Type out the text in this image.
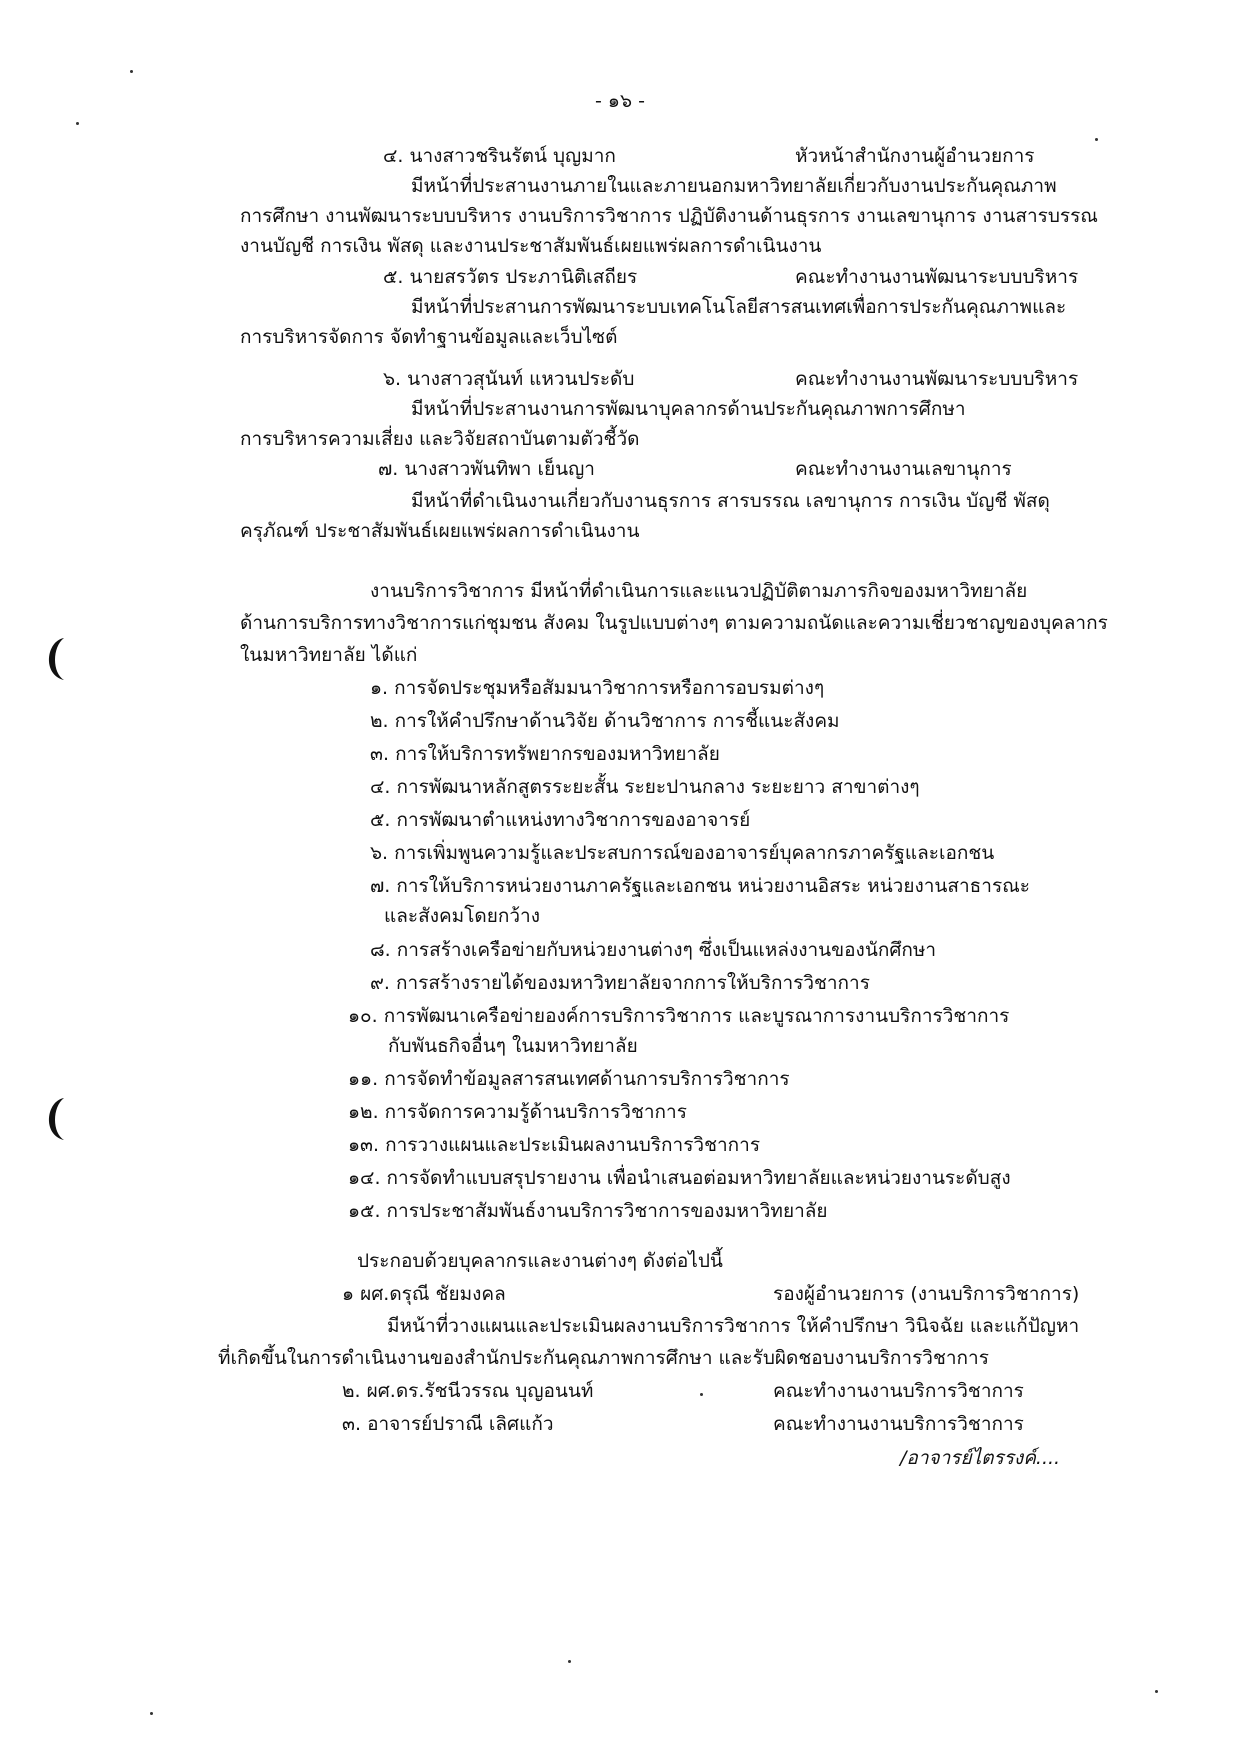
- ๑๖ -
๔. นางสาวชรินรัตน์ บุญมาก	หัวหน้าสำนักงานผู้อำนวยการ
มีหน้าที่ประสานงานภายในและภายนอกมหาวิทยาลัยเกี่ยวกับงานประกันคุณภาพ
การศึกษา งานพัฒนาระบบบริหาร งานบริการวิชาการ ปฏิบัติงานด้านธุรการ งานเลขานุการ งานสารบรรณ
งานบัญชี การเงิน พัสดุ และงานประชาสัมพันธ์เผยแพร่ผลการดำเนินงาน
๕. นายสรวัตร ประภานิติเสถียร	คณะทำงานงานพัฒนาระบบบริหาร
มีหน้าที่ประสานการพัฒนาระบบเทคโนโลยีสารสนเทศเพื่อการประกันคุณภาพและ
การบริหารจัดการ จัดทำฐานข้อมูลและเว็บไซต์
๖. นางสาวสุนันท์ แหวนประดับ	คณะทำงานงานพัฒนาระบบบริหาร
มีหน้าที่ประสานงานการพัฒนาบุคลากรด้านประกันคุณภาพการศึกษา
การบริหารความเสี่ยง และวิจัยสถาบันตามตัวชี้วัด
๗. นางสาวพันทิพา เย็นญา	คณะทำงานงานเลขานุการ
มีหน้าที่ดำเนินงานเกี่ยวกับงานธุรการ สารบรรณ เลขานุการ การเงิน บัญชี พัสดุ
ครุภัณฑ์ ประชาสัมพันธ์เผยแพร่ผลการดำเนินงาน
งานบริการวิชาการ มีหน้าที่ดำเนินการและแนวปฏิบัติตามภารกิจของมหาวิทยาลัย
ด้านการบริการทางวิชาการแก่ชุมชน สังคม ในรูปแบบต่างๆ ตามความถนัดและความเชี่ยวชาญของบุคลากร
ในมหาวิทยาลัย ได้แก่
๑. การจัดประชุมหรือสัมมนาวิชาการหรือการอบรมต่างๆ
๒. การให้คำปรึกษาด้านวิจัย ด้านวิชาการ การชี้แนะสังคม
๓. การให้บริการทรัพยากรของมหาวิทยาลัย
๔. การพัฒนาหลักสูตรระยะสั้น ระยะปานกลาง ระยะยาว สาขาต่างๆ
๕. การพัฒนาตำแหน่งทางวิชาการของอาจารย์
๖. การเพิ่มพูนความรู้และประสบการณ์ของอาจารย์บุคลากรภาครัฐและเอกชน
๗. การให้บริการหน่วยงานภาครัฐและเอกชน หน่วยงานอิสระ หน่วยงานสาธารณะ
และสังคมโดยกว้าง
๘. การสร้างเครือข่ายกับหน่วยงานต่างๆ ซึ่งเป็นแหล่งงานของนักศึกษา
๙. การสร้างรายได้ของมหาวิทยาลัยจากการให้บริการวิชาการ
๑๐. การพัฒนาเครือข่ายองค์การบริการวิชาการ และบูรณาการงานบริการวิชาการ
กับพันธกิจอื่นๆ ในมหาวิทยาลัย
๑๑. การจัดทำข้อมูลสารสนเทศด้านการบริการวิชาการ
๑๒. การจัดการความรู้ด้านบริการวิชาการ
๑๓. การวางแผนและประเมินผลงานบริการวิชาการ
๑๔. การจัดทำแบบสรุปรายงาน เพื่อนำเสนอต่อมหาวิทยาลัยและหน่วยงานระดับสูง
๑๕. การประชาสัมพันธ์งานบริการวิชาการของมหาวิทยาลัย
ประกอบด้วยบุคลากรและงานต่างๆ ดังต่อไปนี้
๑ ผศ.ดรุณี ชัยมงคล	รองผู้อำนวยการ (งานบริการวิชาการ)
มีหน้าที่วางแผนและประเมินผลงานบริการวิชาการ ให้คำปรึกษา วินิจฉัย และแก้ปัญหา
ที่เกิดขึ้นในการดำเนินงานของสำนักประกันคุณภาพการศึกษา และรับผิดชอบงานบริการวิชาการ
๒. ผศ.ดร.รัชนีวรรณ บุญอนนท์	คณะทำงานงานบริการวิชาการ
๓. อาจารย์ปราณี เลิศแก้ว	คณะทำงานงานบริการวิชาการ
/อาจารย์ไตรรงค์....
